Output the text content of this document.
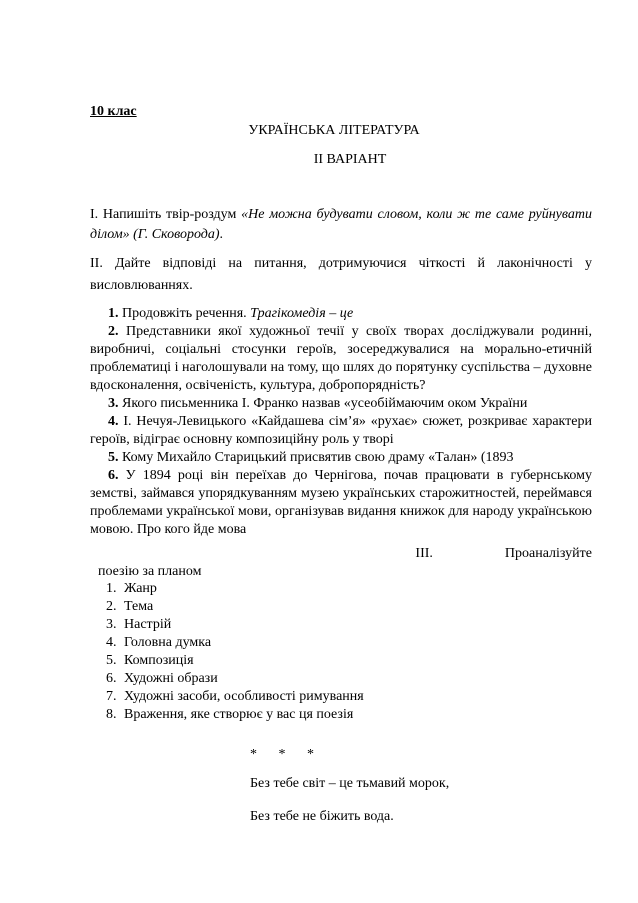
10 клас
УКРАЇНСЬКА ЛІТЕРАТУРА
ІІ ВАРІАНТ
І. Напишіть твір-роздум «Не можна будувати словом, коли ж те саме руйнувати ділом» (Г. Сковорода).
ІІ. Дайте відповіді на питання, дотримуючися чіткості й лаконічності у висловлюваннях.

1. Продовжіть речення. Трагікомедія – це

2. Представники якої художньої течії у своїх творах досліджували родинні, виробничі, соціальні стосунки героїв, зосереджувалися на морально-етичній проблематиці і наголошували на тому, що шлях до порятунку суспільства – духовне вдосконалення, освіченість, культура, добропорядність?

3. Якого письменника І. Франко назвав «усеобіймаючим оком України

4. І. Нечуя-Левицького «Кайдашева сім’я» «рухає» сюжет, розкриває характери героїв, відіграє основну композиційну роль у творі

5. Кому Михайло Старицький присвятив свою драму «Талан» (1893

6. У 1894 році він переїхав до Чернігова, почав працювати в губернському земстві, займався упорядкуванням музею українських старожитностей, переймався проблемами української мови, організував видання книжок для народу українською мовою. Про кого йде мова

ІІІ.	Проаналізуйте
поезію за планом
1. Жанр
2. Тема
3. Настрій
4. Головна думка
5. Композиція
6. Художні образи
7. Художні засоби, особливості римування
8. Враження, яке створює у вас ця поезія
* * *
Без тебе світ – це тьмавий морок,
Без тебе не біжить вода.
